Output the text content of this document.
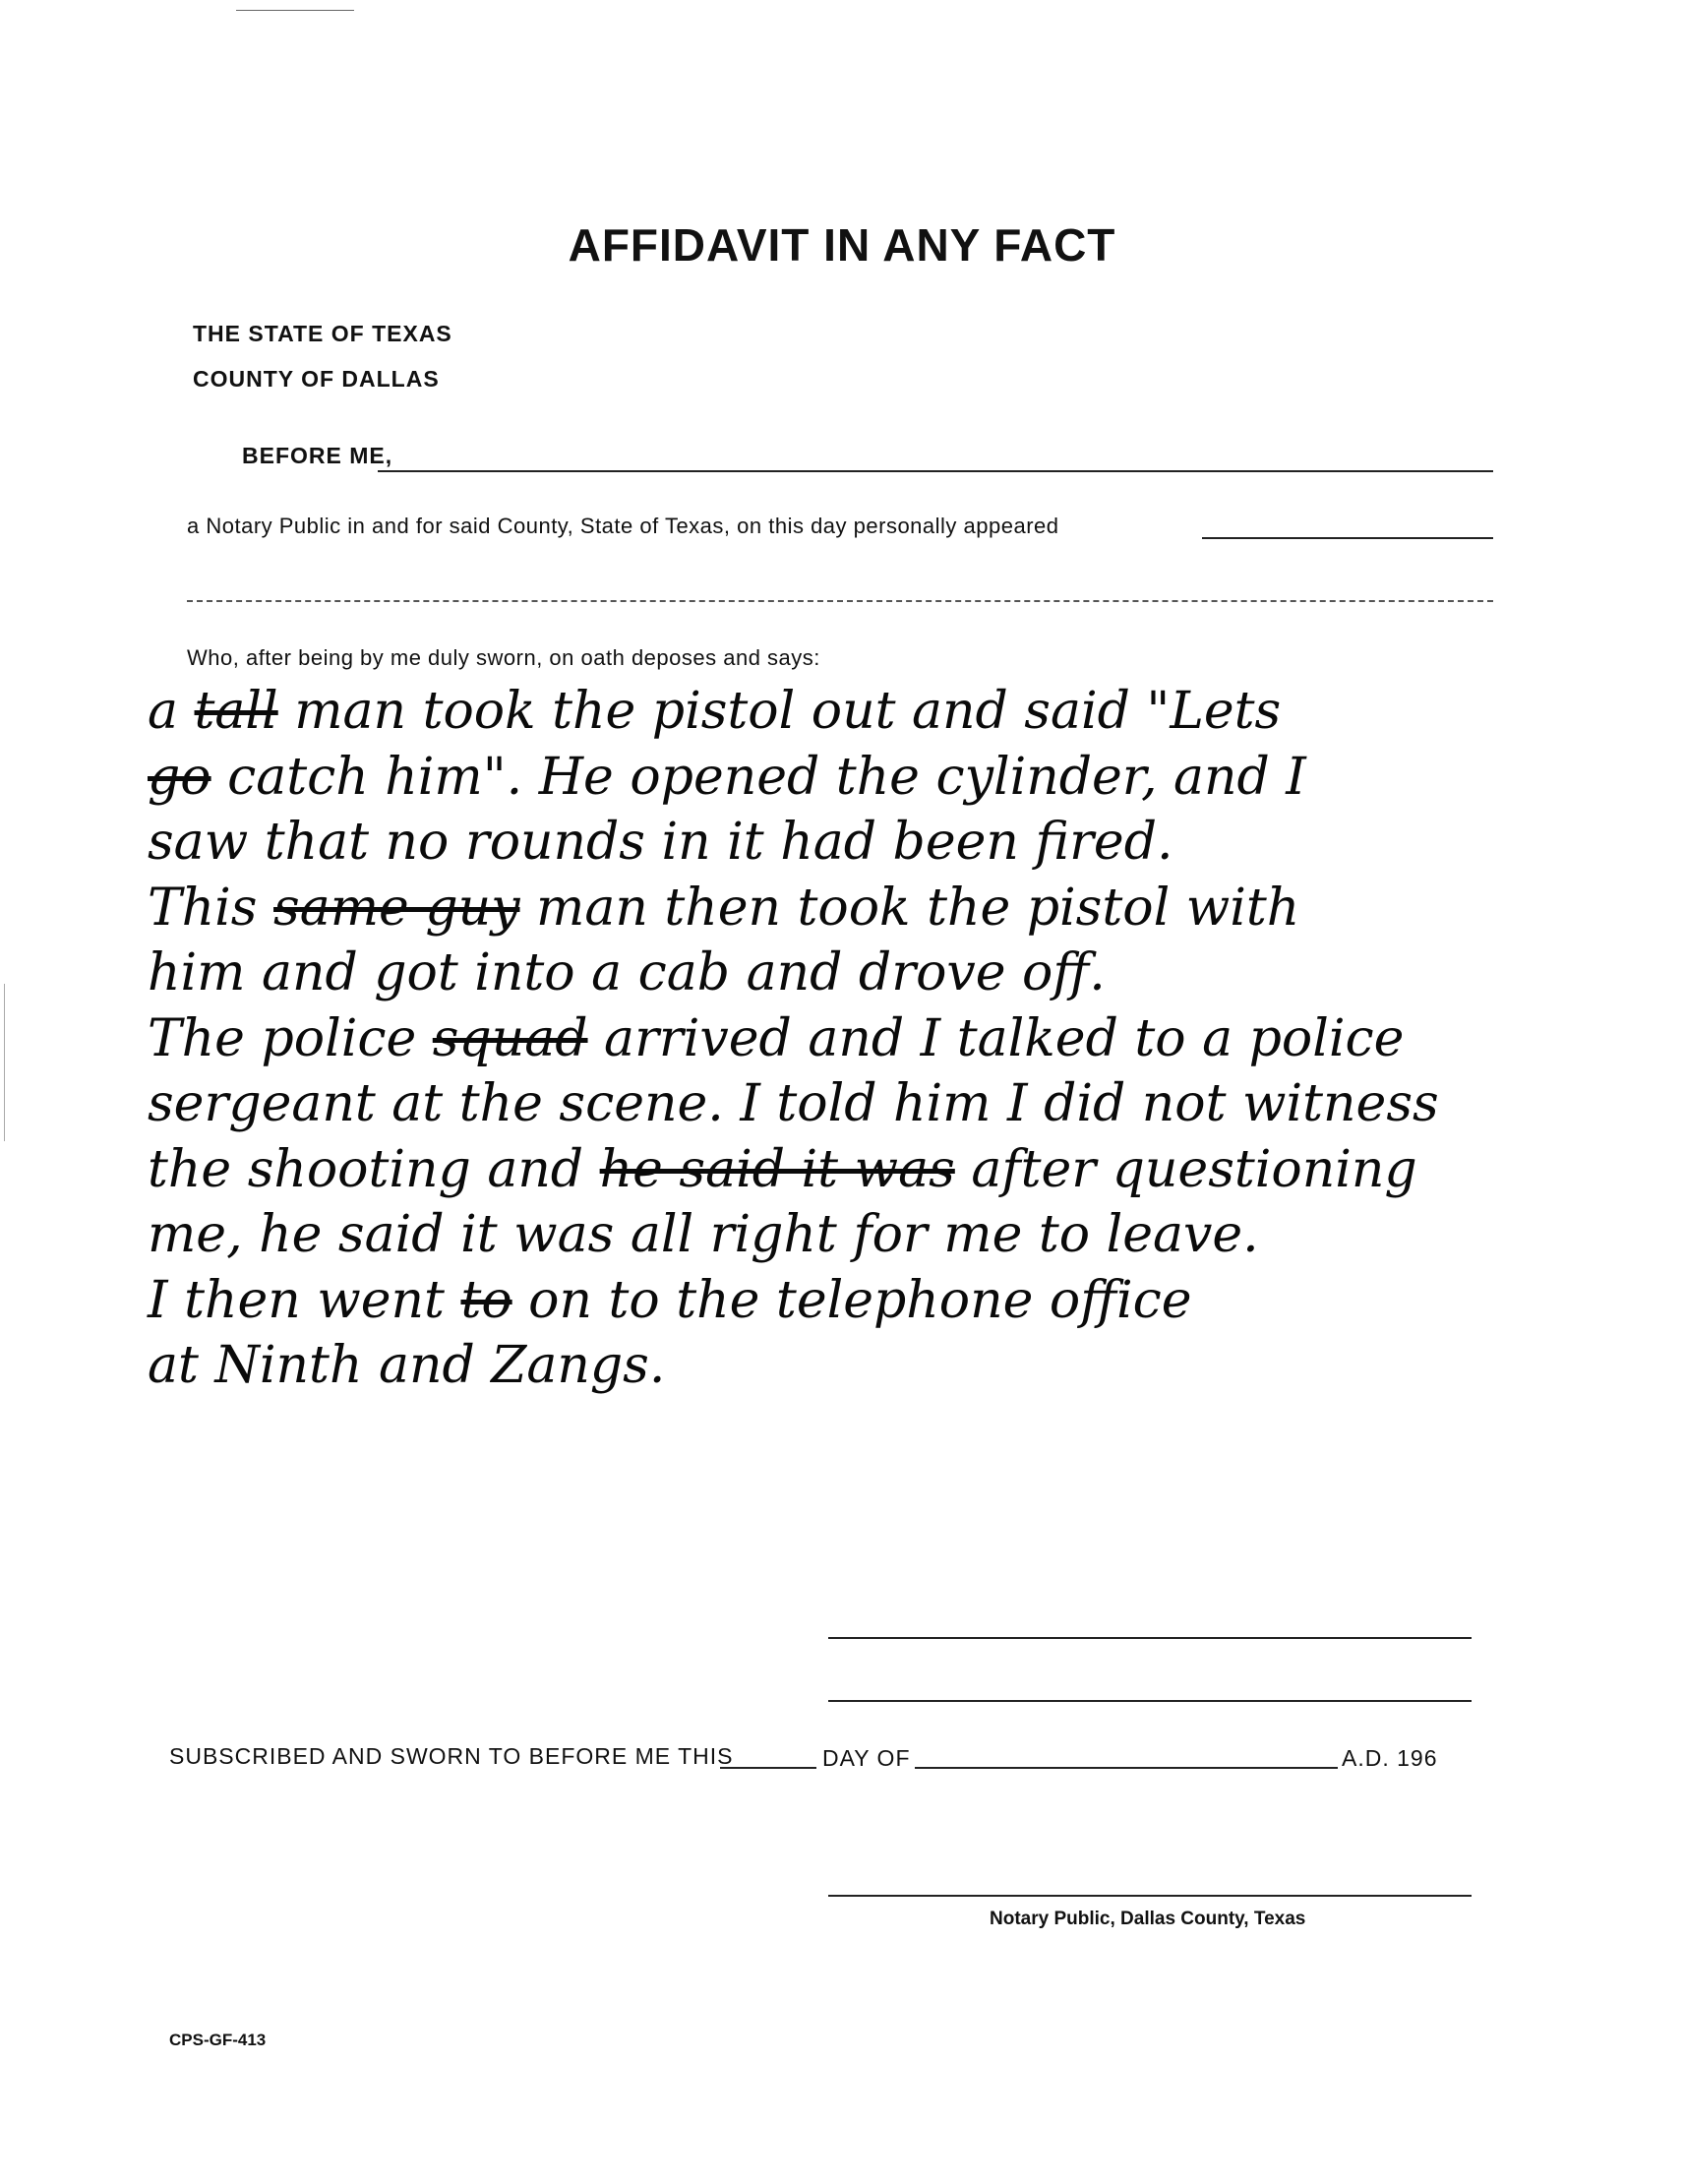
AFFIDAVIT IN ANY FACT
THE STATE OF TEXAS
COUNTY OF DALLAS
BEFORE ME,
a Notary Public in and for said County, State of Texas, on this day personally appeared
Who, after being by me duly sworn, on oath deposes and says:
a tall man took the pistol out and said "Lets
go catch him". He opened the cylinder, and I
saw that no rounds in it had been fired.
This same guy man then took the pistol with
him and got into a cab and drove off.
The police squad arrived and I talked to a police
sergeant at the scene. I told him I did not witness
the shooting and he said it was after questioning
me, he said it was all right for me to leave.
I then went to on to the telephone office
at Ninth and Zangs.
SUBSCRIBED AND SWORN TO BEFORE ME THIS	DAY OF	A.D. 196
Notary Public, Dallas County, Texas
CPS-GF-413
